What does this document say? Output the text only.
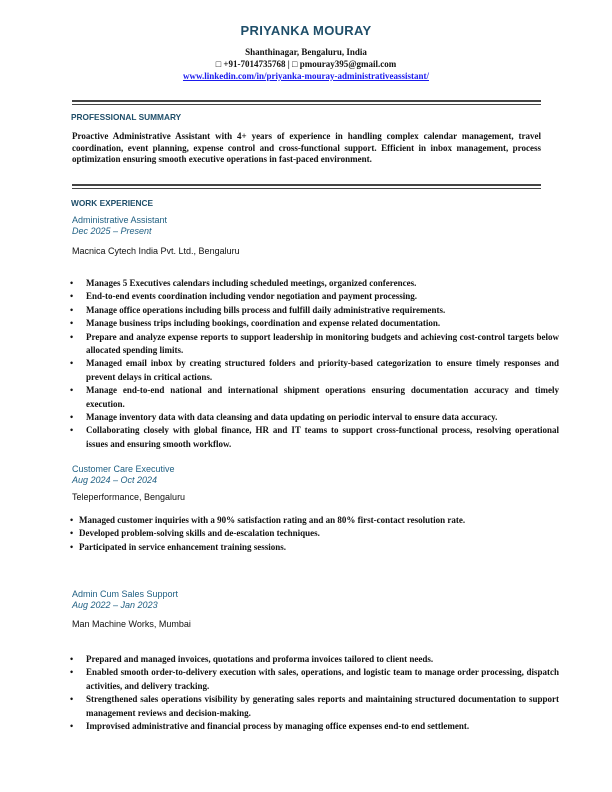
PRIYANKA MOURAY
Shanthinagar, Bengaluru, India
□ +91-7014735768 | □ pmouray395@gmail.com
www.linkedin.com/in/priyanka-mouray-administrativeassistant/
PROFESSIONAL SUMMARY
Proactive Administrative Assistant with 4+ years of experience in handling complex calendar management, travel coordination, event planning, expense control and cross-functional support. Efficient in inbox management, process optimization ensuring smooth executive operations in fast-paced environment.
WORK EXPERIENCE
Administrative Assistant
Dec 2025 – Present
Macnica Cytech India Pvt. Ltd., Bengaluru
• Manages 5 Executives calendars including scheduled meetings, organized conferences.
• End-to-end events coordination including vendor negotiation and payment processing.
• Manage office operations including bills process and fulfill daily administrative requirements.
• Manage business trips including bookings, coordination and expense related documentation.
• Prepare and analyze expense reports to support leadership in monitoring budgets and achieving cost-control targets below allocated spending limits.
• Managed email inbox by creating structured folders and priority-based categorization to ensure timely responses and prevent delays in critical actions.
• Manage end-to-end national and international shipment operations ensuring documentation accuracy and timely execution.
• Manage inventory data with data cleansing and data updating on periodic interval to ensure data accuracy.
• Collaborating closely with global finance, HR and IT teams to support cross-functional process, resolving operational issues and ensuring smooth workflow.
Customer Care Executive
Aug 2024 – Oct 2024
Teleperformance, Bengaluru
• Managed customer inquiries with a 90% satisfaction rating and an 80% first-contact resolution rate.
• Developed problem-solving skills and de-escalation techniques.
• Participated in service enhancement training sessions.
Admin Cum Sales Support
Aug 2022 – Jan 2023
Man Machine Works, Mumbai
• Prepared and managed invoices, quotations and proforma invoices tailored to client needs.
• Enabled smooth order-to-delivery execution with sales, operations, and logistic team to manage order processing, dispatch activities, and delivery tracking.
• Strengthened sales operations visibility by generating sales reports and maintaining structured documentation to support management reviews and decision-making.
• Improvised administrative and financial process by managing office expenses end-to end settlement.
